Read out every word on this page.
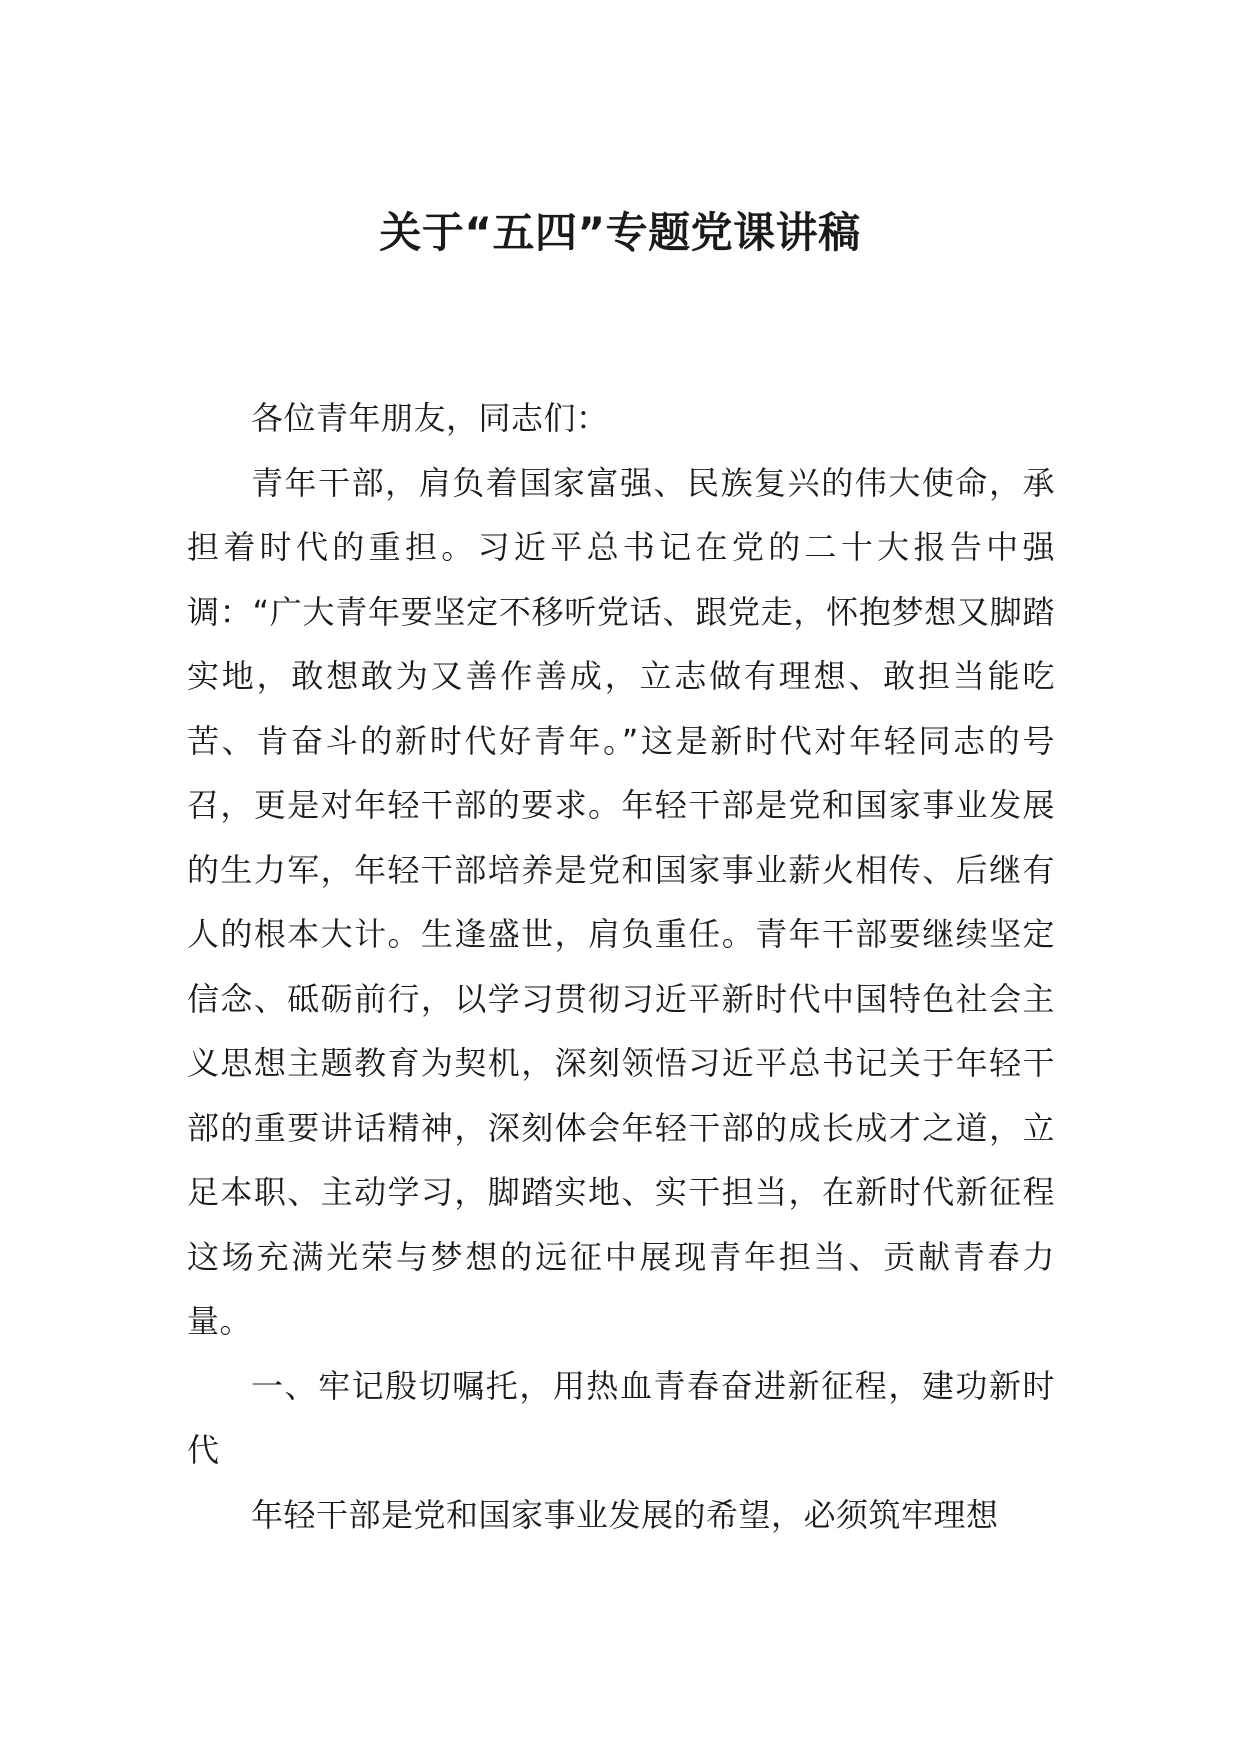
关于“五四”专题党课讲稿

各位青年朋友，同志们：

青年干部，肩负着国家富强、民族复兴的伟大使命，承担着时代的重担。习近平总书记在党的二十大报告中强调：“广大青年要坚定不移听党话、跟党走，怀抱梦想又脚踏实地，敢想敢为又善作善成，立志做有理想、敢担当能吃苦、肯奋斗的新时代好青年。”这是新时代对年轻同志的号召，更是对年轻干部的要求。年轻干部是党和国家事业发展的生力军，年轻干部培养是党和国家事业薪火相传、后继有人的根本大计。生逢盛世，肩负重任。青年干部要继续坚定信念、砥砺前行，以学习贯彻习近平新时代中国特色社会主义思想主题教育为契机，深刻领悟习近平总书记关于年轻干部的重要讲话精神，深刻体会年轻干部的成长成才之道，立足本职、主动学习，脚踏实地、实干担当，在新时代新征程这场充满光荣与梦想的远征中展现青年担当、贡献青春力量。

一、牢记殷切嘱托，用热血青春奋进新征程，建功新时代

年轻干部是党和国家事业发展的希望，必须筑牢理想
